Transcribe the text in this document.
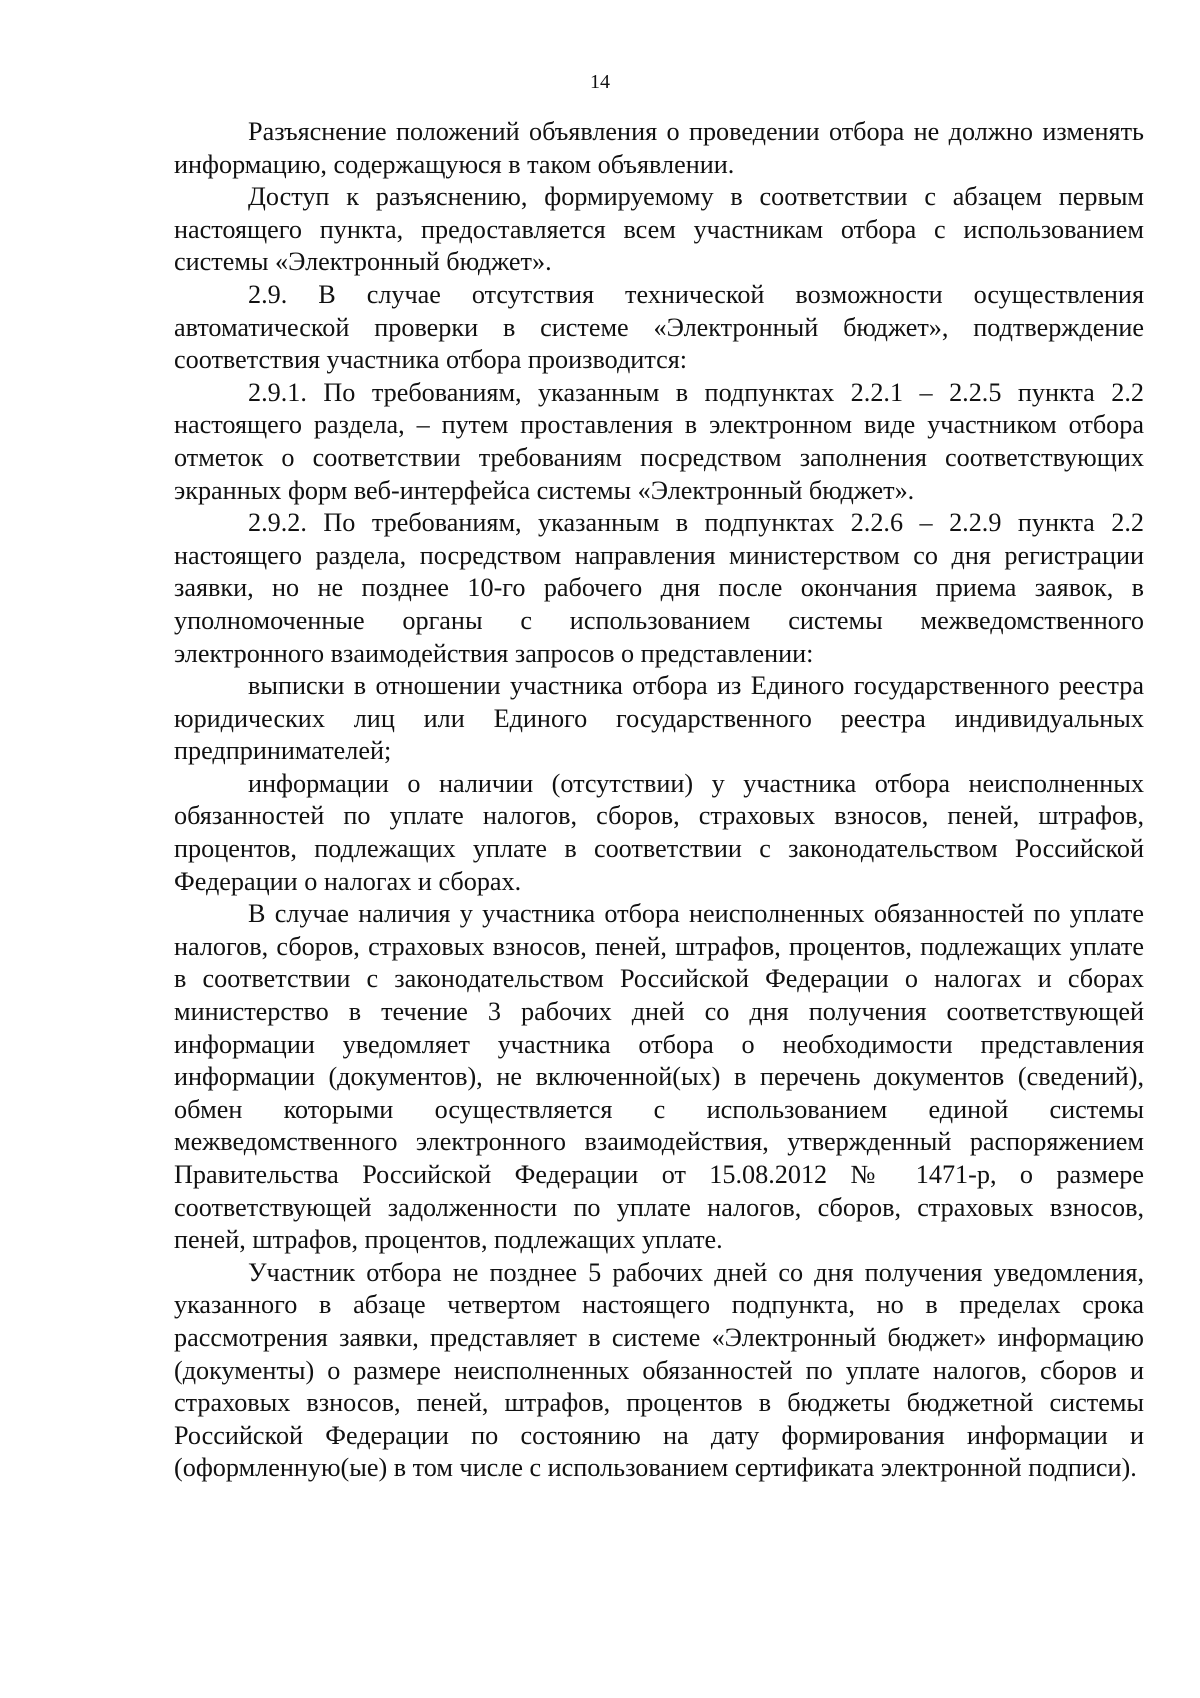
14

Разъяснение положений объявления о проведении отбора не должно изменять информацию, содержащуюся в таком объявлении.

Доступ к разъяснению, формируемому в соответствии с абзацем первым настоящего пункта, предоставляется всем участникам отбора с использованием системы «Электронный бюджет».

2.9. В случае отсутствия технической возможности осуществления автоматической проверки в системе «Электронный бюджет», подтверждение соответствия участника отбора производится:

2.9.1. По требованиям, указанным в подпунктах 2.2.1 – 2.2.5 пункта 2.2 настоящего раздела, – путем проставления в электронном виде участником отбора отметок о соответствии требованиям посредством заполнения соответствующих экранных форм веб-интерфейса системы «Электронный бюджет».

2.9.2. По требованиям, указанным в подпунктах 2.2.6 – 2.2.9 пункта 2.2 настоящего раздела, посредством направления министерством со дня регистрации заявки, но не позднее 10-го рабочего дня после окончания приема заявок, в уполномоченные органы с использованием системы межведомственного электронного взаимодействия запросов о представлении:

выписки в отношении участника отбора из Единого государственного реестра юридических лиц или Единого государственного реестра индивидуальных предпринимателей;

информации о наличии (отсутствии) у участника отбора неисполненных обязанностей по уплате налогов, сборов, страховых взносов, пеней, штрафов, процентов, подлежащих уплате в соответствии с законодательством Российской Федерации о налогах и сборах.

В случае наличия у участника отбора неисполненных обязанностей по уплате налогов, сборов, страховых взносов, пеней, штрафов, процентов, подлежащих уплате в соответствии с законодательством Российской Федерации о налогах и сборах министерство в течение 3 рабочих дней со дня получения соответствующей информации уведомляет участника отбора о необходимости представления информации (документов), не включенной(ых) в перечень документов (сведений), обмен которыми осуществляется с использованием единой системы межведомственного электронного взаимодействия, утвержденный распоряжением Правительства Российской Федерации от 15.08.2012 № 1471-р, о размере соответствующей задолженности по уплате налогов, сборов, страховых взносов, пеней, штрафов, процентов, подлежащих уплате.

Участник отбора не позднее 5 рабочих дней со дня получения уведомления, указанного в абзаце четвертом настоящего подпункта, но в пределах срока рассмотрения заявки, представляет в системе «Электронный бюджет» информацию (документы) о размере неисполненных обязанностей по уплате налогов, сборов и страховых взносов, пеней, штрафов, процентов в бюджеты бюджетной системы Российской Федерации по состоянию на дату формирования информации и (оформленную(ые) в том числе с использованием сертификата электронной подписи).
